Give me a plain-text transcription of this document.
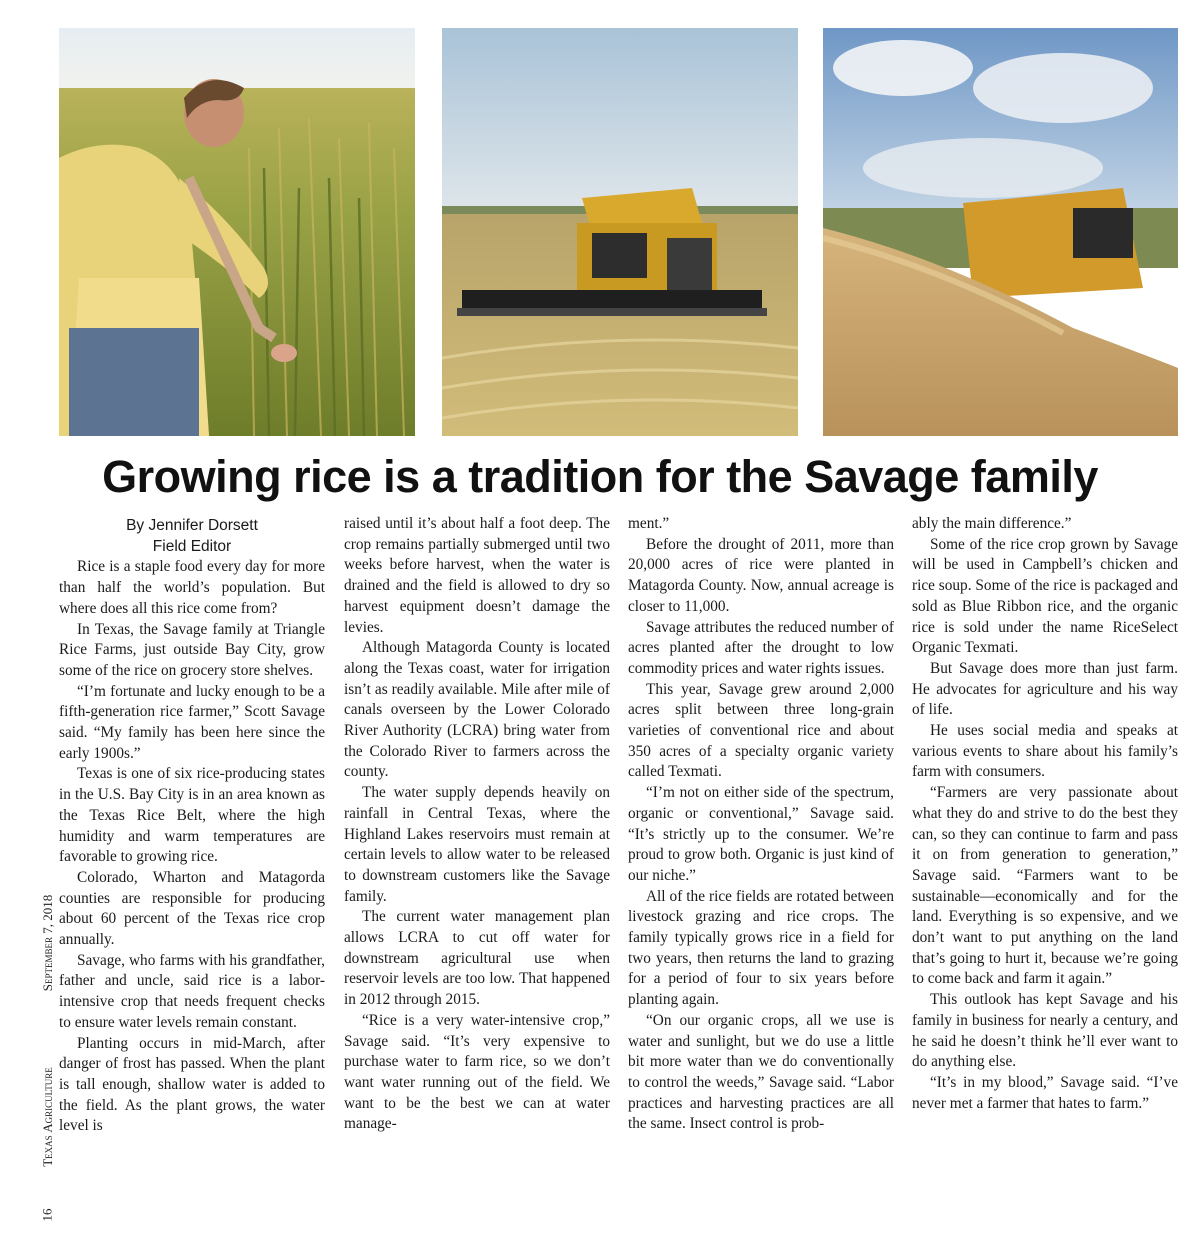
Growing rice is a tradition for the Savage family
16
Texas Agriculture
September 7, 2018
By Jennifer Dorsett
Field Editor

Rice is a staple food every day for more than half the world’s population. But where does all this rice come from?

In Texas, the Savage family at Triangle Rice Farms, just outside Bay City, grow some of the rice on grocery store shelves.

“I’m fortunate and lucky enough to be a fifth-generation rice farmer,” Scott Savage said. “My family has been here since the early 1900s.”

Texas is one of six rice-producing states in the U.S. Bay City is in an area known as the Texas Rice Belt, where the high humidity and warm temperatures are favorable to growing rice.

Colorado, Wharton and Matagorda counties are responsible for producing about 60 percent of the Texas rice crop annually.

Savage, who farms with his grandfather, father and uncle, said rice is a labor-intensive crop that needs frequent checks to ensure water levels remain constant.

Planting occurs in mid-March, after danger of frost has passed. When the plant is tall enough, shallow water is added to the field. As the plant grows, the water level is

raised until it’s about half a foot deep. The crop remains partially submerged until two weeks before harvest, when the water is drained and the field is allowed to dry so harvest equipment doesn’t damage the levies.

Although Matagorda County is located along the Texas coast, water for irrigation isn’t as readily available. Mile after mile of canals overseen by the Lower Colorado River Authority (LCRA) bring water from the Colorado River to farmers across the county.

The water supply depends heavily on rainfall in Central Texas, where the Highland Lakes reservoirs must remain at certain levels to allow water to be released to downstream customers like the Savage family.

The current water management plan allows LCRA to cut off water for downstream agricultural use when reservoir levels are too low. That happened in 2012 through 2015.

“Rice is a very water-intensive crop,” Savage said. “It’s very expensive to purchase water to farm rice, so we don’t want water running out of the field. We want to be the best we can at water manage-

ment.”

Before the drought of 2011, more than 20,000 acres of rice were planted in Matagorda County. Now, annual acreage is closer to 11,000.

Savage attributes the reduced number of acres planted after the drought to low commodity prices and water rights issues.

This year, Savage grew around 2,000 acres split between three long-grain varieties of conventional rice and about 350 acres of a specialty organic variety called Texmati.

“I’m not on either side of the spectrum, organic or conventional,” Savage said. “It’s strictly up to the consumer. We’re proud to grow both. Organic is just kind of our niche.”

All of the rice fields are rotated between livestock grazing and rice crops. The family typically grows rice in a field for two years, then returns the land to grazing for a period of four to six years before planting again.

“On our organic crops, all we use is water and sunlight, but we do use a little bit more water than we do conventionally to control the weeds,” Savage said. “Labor practices and harvesting practices are all the same. Insect control is prob-

ably the main difference.”

Some of the rice crop grown by Savage will be used in Campbell’s chicken and rice soup. Some of the rice is packaged and sold as Blue Ribbon rice, and the organic rice is sold under the name RiceSelect Organic Texmati.

But Savage does more than just farm. He advocates for agriculture and his way of life.

He uses social media and speaks at various events to share about his family’s farm with consumers.

“Farmers are very passionate about what they do and strive to do the best they can, so they can continue to farm and pass it on from generation to generation,” Savage said. “Farmers want to be sustainable—economically and for the land. Everything is so expensive, and we don’t want to put anything on the land that’s going to hurt it, because we’re going to come back and farm it again.”

This outlook has kept Savage and his family in business for nearly a century, and he said he doesn’t think he’ll ever want to do anything else.

“It’s in my blood,” Savage said. “I’ve never met a farmer that hates to farm.”
